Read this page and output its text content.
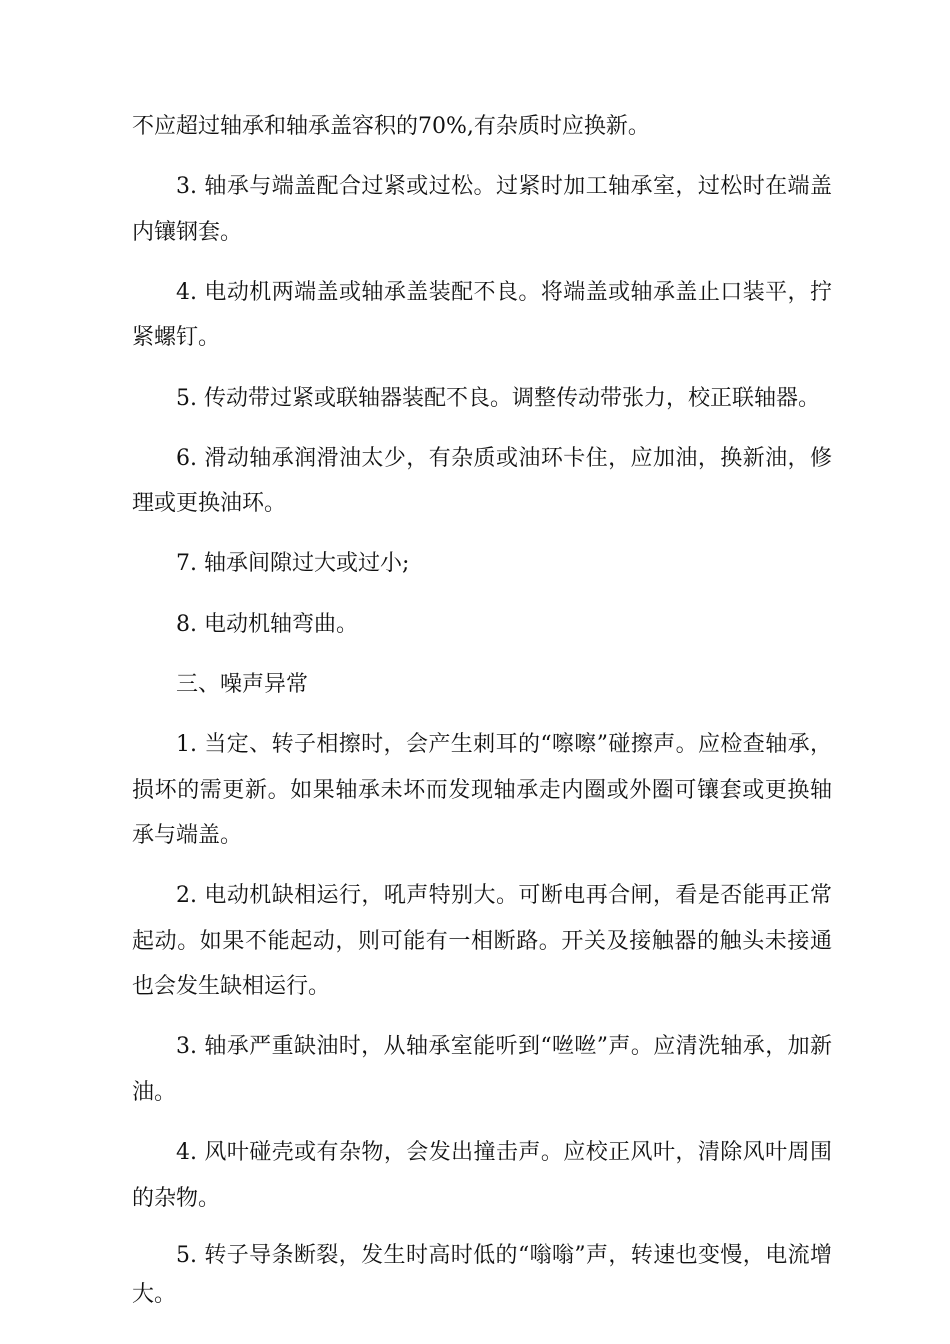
不应超过轴承和轴承盖容积的70%,有杂质时应换新。

3. 轴承与端盖配合过紧或过松。过紧时加工轴承室，过松时在端盖内镶钢套。

4. 电动机两端盖或轴承盖装配不良。将端盖或轴承盖止口装平，拧紧螺钉。

5. 传动带过紧或联轴器装配不良。调整传动带张力，校正联轴器。

6. 滑动轴承润滑油太少，有杂质或油环卡住，应加油，换新油，修理或更换油环。

7. 轴承间隙过大或过小;

8. 电动机轴弯曲。

三、噪声异常

1. 当定、转子相擦时，会产生刺耳的“嚓嚓”碰擦声。应检查轴承，损坏的需更新。如果轴承未坏而发现轴承走内圈或外圈可镶套或更换轴承与端盖。

2. 电动机缺相运行，吼声特别大。可断电再合闸，看是否能再正常起动。如果不能起动，则可能有一相断路。开关及接触器的触头未接通也会发生缺相运行。

3. 轴承严重缺油时，从轴承室能听到“咝咝”声。应清洗轴承，加新油。

4. 风叶碰壳或有杂物，会发出撞击声。应校正风叶，清除风叶周围的杂物。

5. 转子导条断裂，发生时高时低的“嗡嗡”声，转速也变慢，电流增大。
